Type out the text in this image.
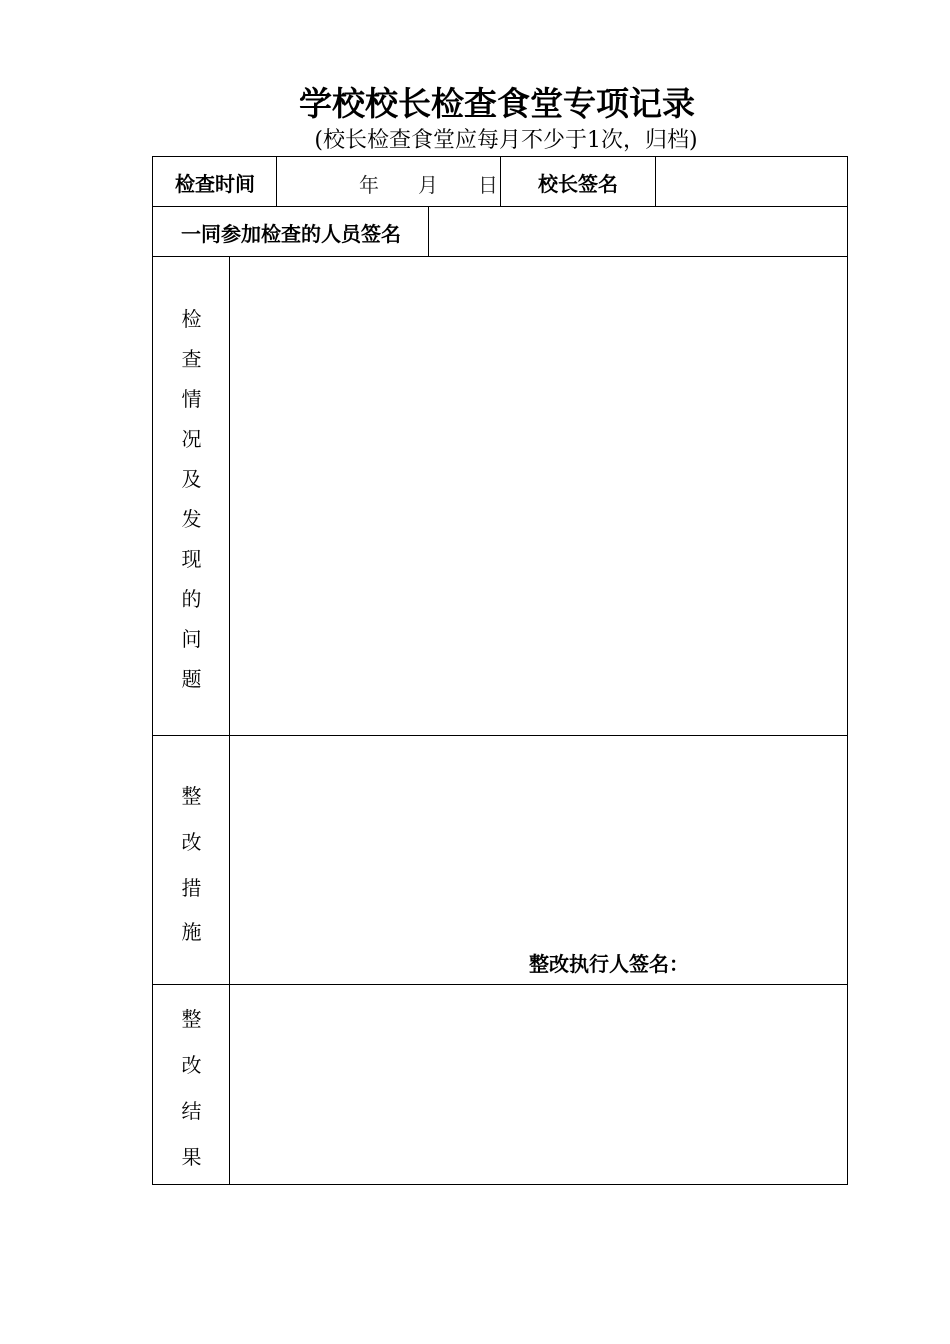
学校校长检查食堂专项记录

(校长检查食堂应每月不少于1次，归档)

检查时间	年 月 日	校长签名
一同参加检查的人员签名
检
查
情
况
及
发
现
的
问
题
整
改
措
施
整改执行人签名：
整
改
结
果
